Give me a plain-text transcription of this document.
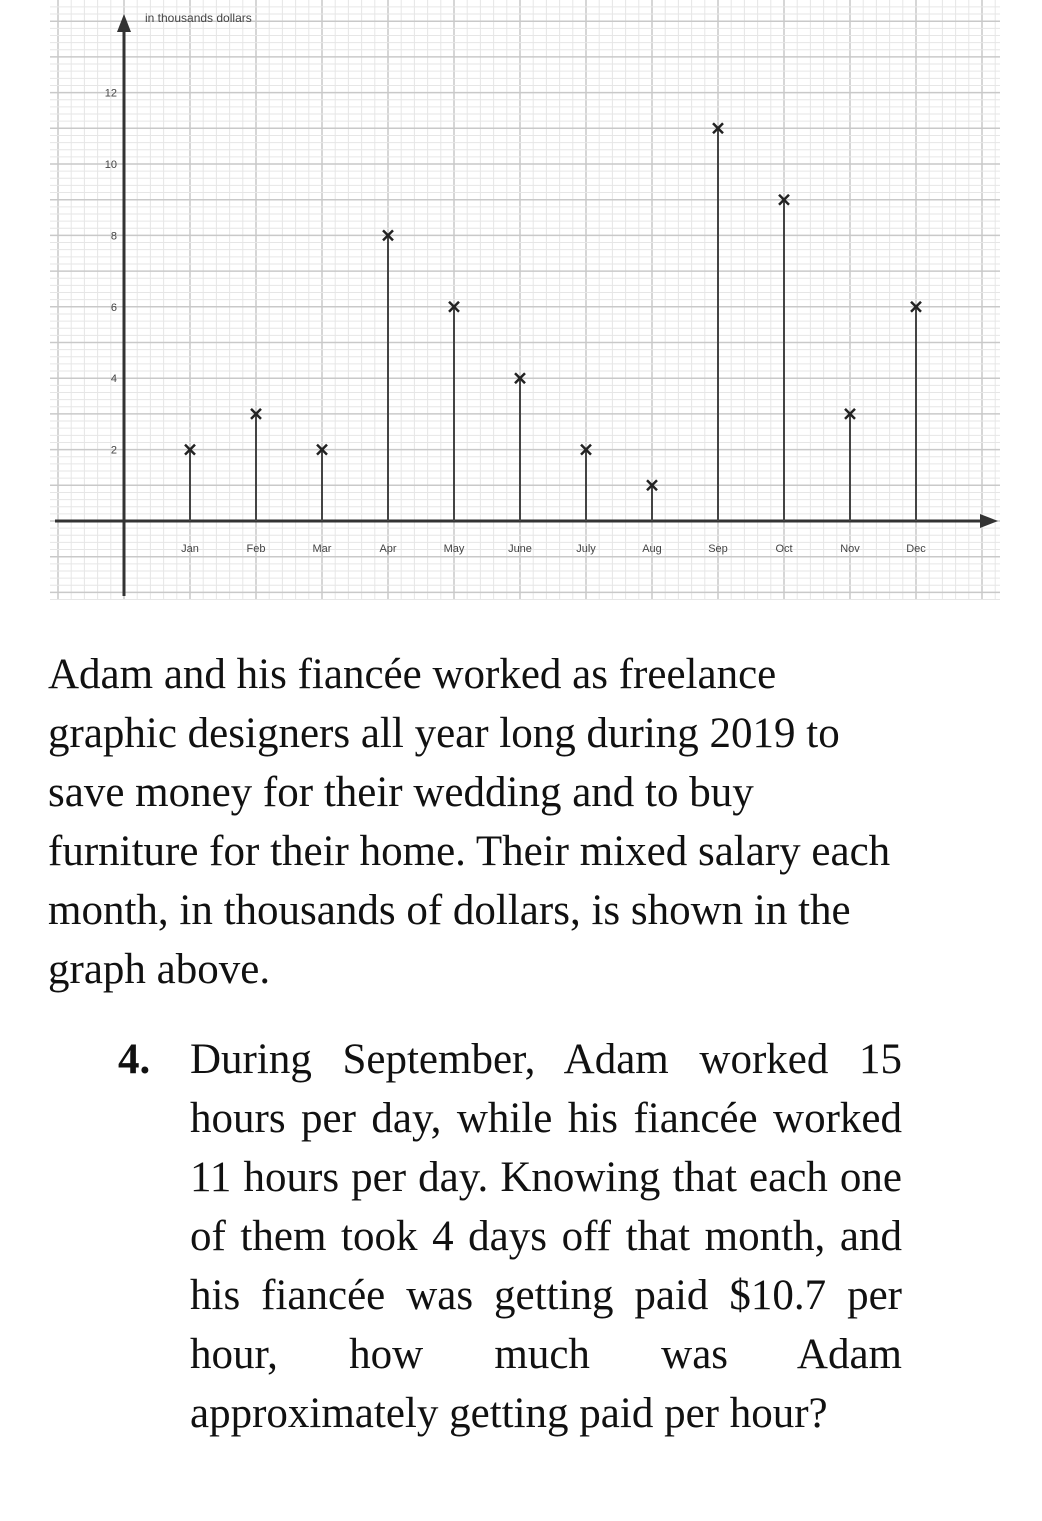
in thousands dollars
2
4
6
8
10
12
Jan	Feb	Mar	Apr	May	June	July	Aug	Sep	Oct	Nov	Dec

Adam and his fiancée worked as freelance graphic designers all year long during 2019 to save money for their wedding and to buy furniture for their home. Their mixed salary each month, in thousands of dollars, is shown in the graph above.

4. During September, Adam worked 15 hours per day, while his fiancée worked 11 hours per day. Knowing that each one of them took 4 days off that month, and his fiancée was getting paid $10.7 per hour, how much was Adam approximately getting paid per hour?
